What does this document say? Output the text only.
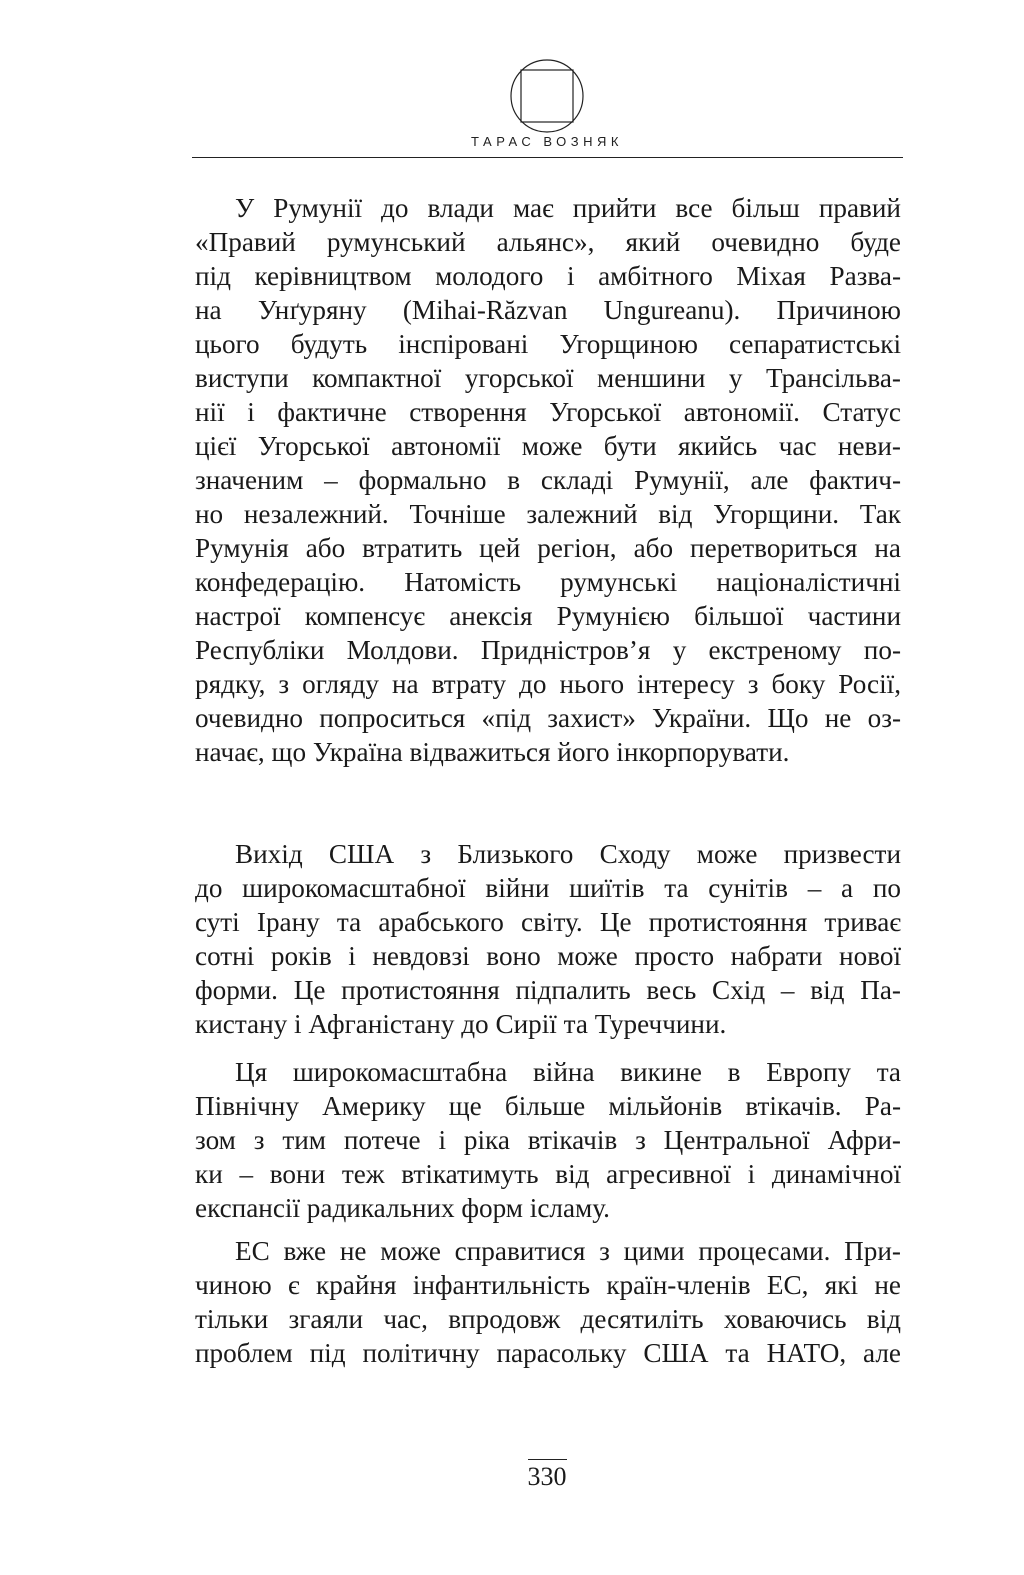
ТАРАС ВОЗНЯК
У Румунії до влади має прийти все більш правий
«Правий румунський альянс», який очевидно буде
під керівництвом молодого і амбітного Міхая Разва-
на Унґуряну (Mihai-Răzvan Ungureanu). Причиною
цього будуть інспіровані Угорщиною сепаратистські
виступи компактної угорської меншини у Трансільва-
нії і фактичне створення Угорської автономії. Статус
цієї Угорської автономії може бути якийсь час неви-
значеним – формально в складі Румунії, але фактич-
но незалежний. Точніше залежний від Угорщини. Так
Румунія або втратить цей регіон, або перетвориться на
конфедерацію. Натомість румунські націоналістичні
настрої компенсує анексія Румунією більшої частини
Республіки Молдови. Придністров’я у екстреному по-
рядку, з огляду на втрату до нього інтересу з боку Росії,
очевидно попроситься «під захист» України. Що не оз-
начає, що Україна відважиться його інкорпорувати.
Вихід США з Близького Сходу може призвести
до широкомасштабної війни шиїтів та сунітів – а по
суті Ірану та арабського світу. Це протистояння триває
сотні років і невдовзі воно може просто набрати нової
форми. Це протистояння підпалить весь Схід – від Па-
кистану і Афганістану до Сирії та Туреччини.
Ця широкомасштабна війна викине в Европу та
Північну Америку ще більше мільйонів втікачів. Ра-
зом з тим потече і ріка втікачів з Центральної Афри-
ки – вони теж втікатимуть від агресивної і динамічної
експансії радикальних форм ісламу.
ЕС вже не може справитися з цими процесами. При-
чиною є крайня інфантильність країн-членів ЕС, які не
тільки згаяли час, впродовж десятиліть ховаючись від
проблем під політичну парасольку США та НАТО, але
330
